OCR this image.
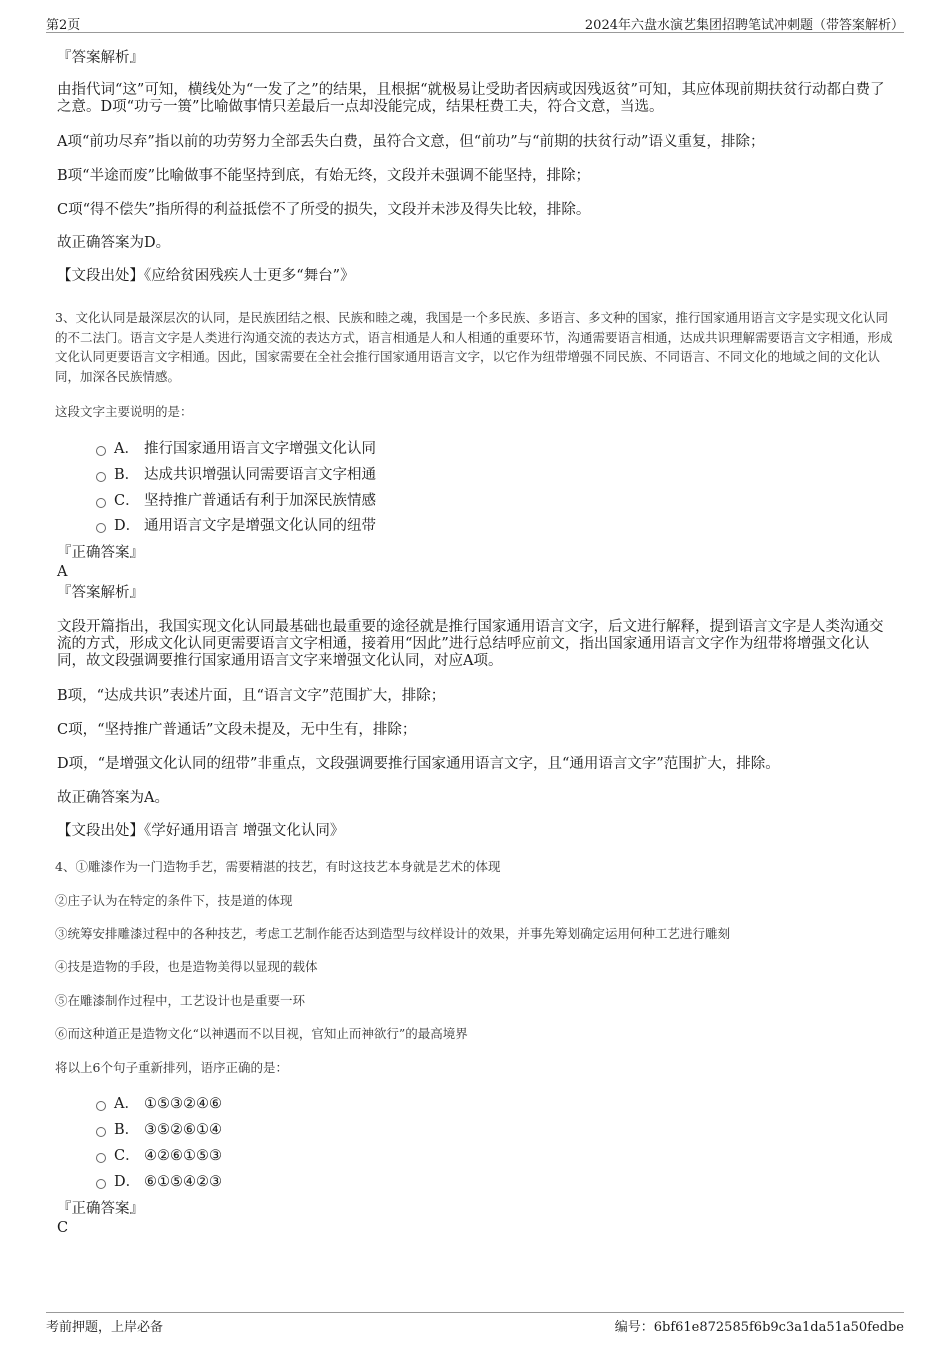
第2页	2024年六盘水演艺集团招聘笔试冲刺题（带答案解析）

『答案解析』

由指代词“这”可知，横线处为“一发了之”的结果，且根据“就极易让受助者因病或因残返贫”可知，其应体现前期扶贫行动都白费了之意。D项“功亏一篑”比喻做事情只差最后一点却没能完成，结果枉费工夫，符合文意，当选。

A项“前功尽弃”指以前的功劳努力全部丢失白费，虽符合文意，但“前功”与“前期的扶贫行动”语义重复，排除；

B项“半途而废”比喻做事不能坚持到底，有始无终，文段并未强调不能坚持，排除；

C项“得不偿失”指所得的利益抵偿不了所受的损失，文段并未涉及得失比较，排除。

故正确答案为D。

【文段出处】《应给贫困残疾人士更多“舞台”》

3、文化认同是最深层次的认同，是民族团结之根、民族和睦之魂，我国是一个多民族、多语言、多文种的国家，推行国家通用语言文字是实现文化认同的不二法门。语言文字是人类进行沟通交流的表达方式，语言相通是人和人相通的重要环节，沟通需要语言相通，达成共识理解需要语言文字相通，形成文化认同更要语言文字相通。因此，国家需要在全社会推行国家通用语言文字，以它作为纽带增强不同民族、不同语言、不同文化的地域之间的文化认同，加深各民族情感。

这段文字主要说明的是：

A． 推行国家通用语言文字增强文化认同
B． 达成共识增强认同需要语言文字相通
C． 坚持推广普通话有利于加深民族情感
D． 通用语言文字是增强文化认同的纽带

『正确答案』

A

『答案解析』

文段开篇指出，我国实现文化认同最基础也最重要的途径就是推行国家通用语言文字，后文进行解释，提到语言文字是人类沟通交流的方式，形成文化认同更需要语言文字相通，接着用“因此”进行总结呼应前文，指出国家通用语言文字作为纽带将增强文化认同，故文段强调要推行国家通用语言文字来增强文化认同，对应A项。

B项，“达成共识”表述片面，且“语言文字”范围扩大，排除；

C项，“坚持推广普通话”文段未提及，无中生有，排除；

D项，“是增强文化认同的纽带”非重点，文段强调要推行国家通用语言文字，且“通用语言文字”范围扩大，排除。

故正确答案为A。

【文段出处】《学好通用语言 增强文化认同》

4、①雕漆作为一门造物手艺，需要精湛的技艺，有时这技艺本身就是艺术的体现

②庄子认为在特定的条件下，技是道的体现

③统筹安排雕漆过程中的各种技艺，考虑工艺制作能否达到造型与纹样设计的效果，并事先筹划确定运用何种工艺进行雕刻

④技是造物的手段，也是造物美得以显现的载体

⑤在雕漆制作过程中，工艺设计也是重要一环

⑥而这种道正是造物文化“以神遇而不以目视，官知止而神欲行”的最高境界

将以上6个句子重新排列，语序正确的是：

A． ①⑤③②④⑥
B． ③⑤②⑥①④
C． ④②⑥①⑤③
D． ⑥①⑤④②③

『正确答案』

C

考前押题，上岸必备	编号：6bf61e872585f6b9c3a1da51a50fedbe
